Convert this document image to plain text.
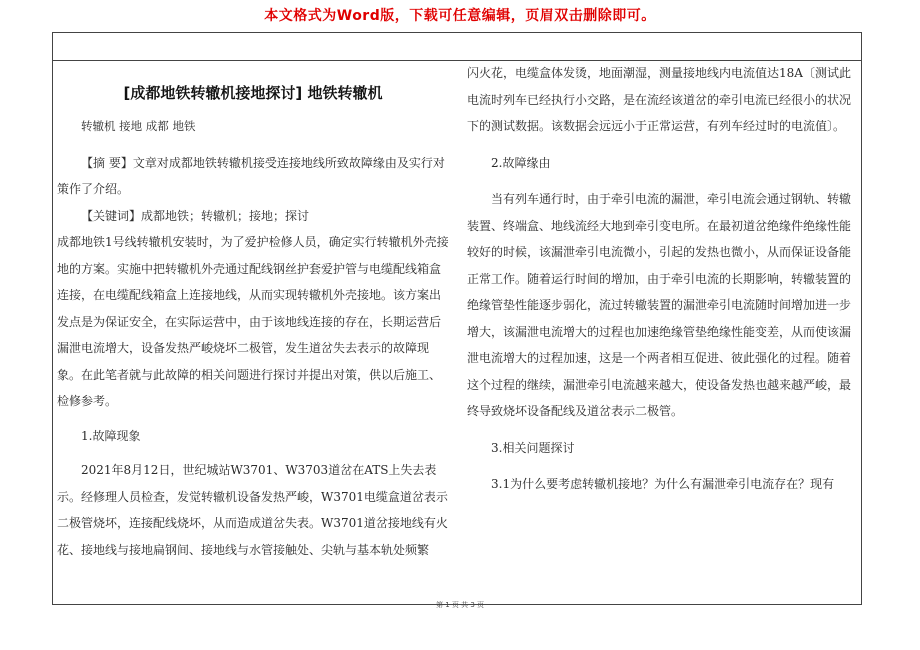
本文格式为Word版，下载可任意编辑，页眉双击删除即可。
[成都地铁转辙机接地探讨] 地铁转辙机
转辙机 接地 成都 地铁

【摘 要】文章对成都地铁转辙机接受连接地线所致故障缘由及实行对策作了介绍。

【关键词】成都地铁；转辙机；接地；探讨

成都地铁1号线转辙机安装时，为了爱护检修人员，确定实行转辙机外壳接地的方案。实施中把转辙机外壳通过配线钢丝护套爱护管与电缆配线箱盒连接，在电缆配线箱盒上连接地线，从而实现转辙机外壳接地。该方案出发点是为保证安全，在实际运营中，由于该地线连接的存在，长期运营后漏泄电流增大，设备发热严峻烧坏二极管，发生道岔失去表示的故障现象。在此笔者就与此故障的相关问题进行探讨并提出对策，供以后施工、检修参考。

1.故障现象

2021年8月12日，世纪城站W3701、W3703道岔在ATS上失去表示。经修理人员检查，发觉转辙机设备发热严峻，W3701电缆盒道岔表示二极管烧坏，连接配线烧坏，从而造成道岔失表。W3701道岔接地线有火花、接地线与接地扁钢间、接地线与水管接触处、尖轨与基本轨处频繁

闪火花，电缆盒体发烫，地面潮湿，测量接地线内电流值达18A〔测试此电流时列车已经执行小交路，是在流经该道岔的牵引电流已经很小的状况下的测试数据。该数据会远远小于正常运营，有列车经过时的电流值〕。

2.故障缘由

当有列车通行时，由于牵引电流的漏泄，牵引电流会通过钢轨、转辙装置、终端盒、地线流经大地到牵引变电所。在最初道岔绝缘件绝缘性能较好的时候，该漏泄牵引电流微小，引起的发热也微小，从而保证设备能正常工作。随着运行时间的增加，由于牵引电流的长期影响，转辙装置的绝缘管垫性能逐步弱化，流过转辙装置的漏泄牵引电流随时间增加进一步增大，该漏泄电流增大的过程也加速绝缘管垫绝缘性能变差，从而使该漏泄电流增大的过程加速，这是一个两者相互促进、彼此强化的过程。随着这个过程的继续，漏泄牵引电流越来越大，使设备发热也越来越严峻，最终导致烧坏设备配线及道岔表示二极管。

3.相关问题探讨

3.1为什么要考虑转辙机接地？为什么有漏泄牵引电流存在？现有

第 1 页 共 3 页
